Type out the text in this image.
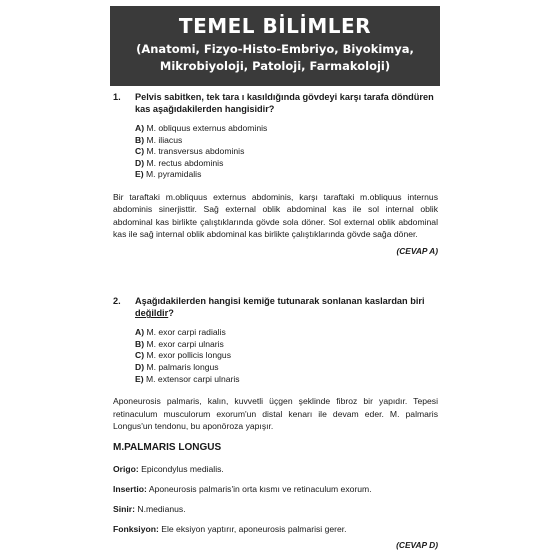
TEMEL BİLİMLER
(Anatomi, Fizyo-Histo-Embriyo, Biyokimya, Mikrobiyoloji, Patoloji, Farmakoloji)
1.	Pelvis sabitken, tek tara ı kasıldığında gövdeyi karşı tarafa döndüren kas aşağıdakilerden hangisidir?
A) M. obliquus externus abdominis
B) M. iliacus
C) M. transversus abdominis
D) M. rectus abdominis
E) M. pyramidalis
Bir taraftaki m.obliquus externus abdominis, karşı taraftaki m.obliquus internus abdominis sinerjisttir. Sağ external oblik abdominal kas ile sol internal oblik abdominal kas birlikte çalıştıklarında gövde sola döner. Sol external oblik abdominal kas ile sağ internal oblik abdominal kas birlikte çalıştıklarında gövde sağa döner.
(CEVAP A)
2.	Aşağıdakilerden hangisi kemiğe tutunarak sonlanan kaslardan biri değildir?
A) M. exor carpi radialis
B) M. exor carpi ulnaris
C) M. exor pollicis longus
D) M. palmaris longus
E) M. extensor carpi ulnaris
Aponeurosis palmaris, kalın, kuvvetli üçgen şeklinde fibroz bir yapıdır. Tepesi retinaculum musculorum exorum'un distal kenarı ile devam eder. M. palmaris Longus'un tendonu, bu aponöroza yapışır.
M.PALMARIS LONGUS
Origo: Epicondylus medialis.
Insertio: Aponeurosis palmaris'in orta kısmı ve retinaculum exorum.
Sinir: N.medianus.
Fonksiyon: Ele eksiyon yaptırır, aponeurosis palmarisi gerer.
(CEVAP D)
